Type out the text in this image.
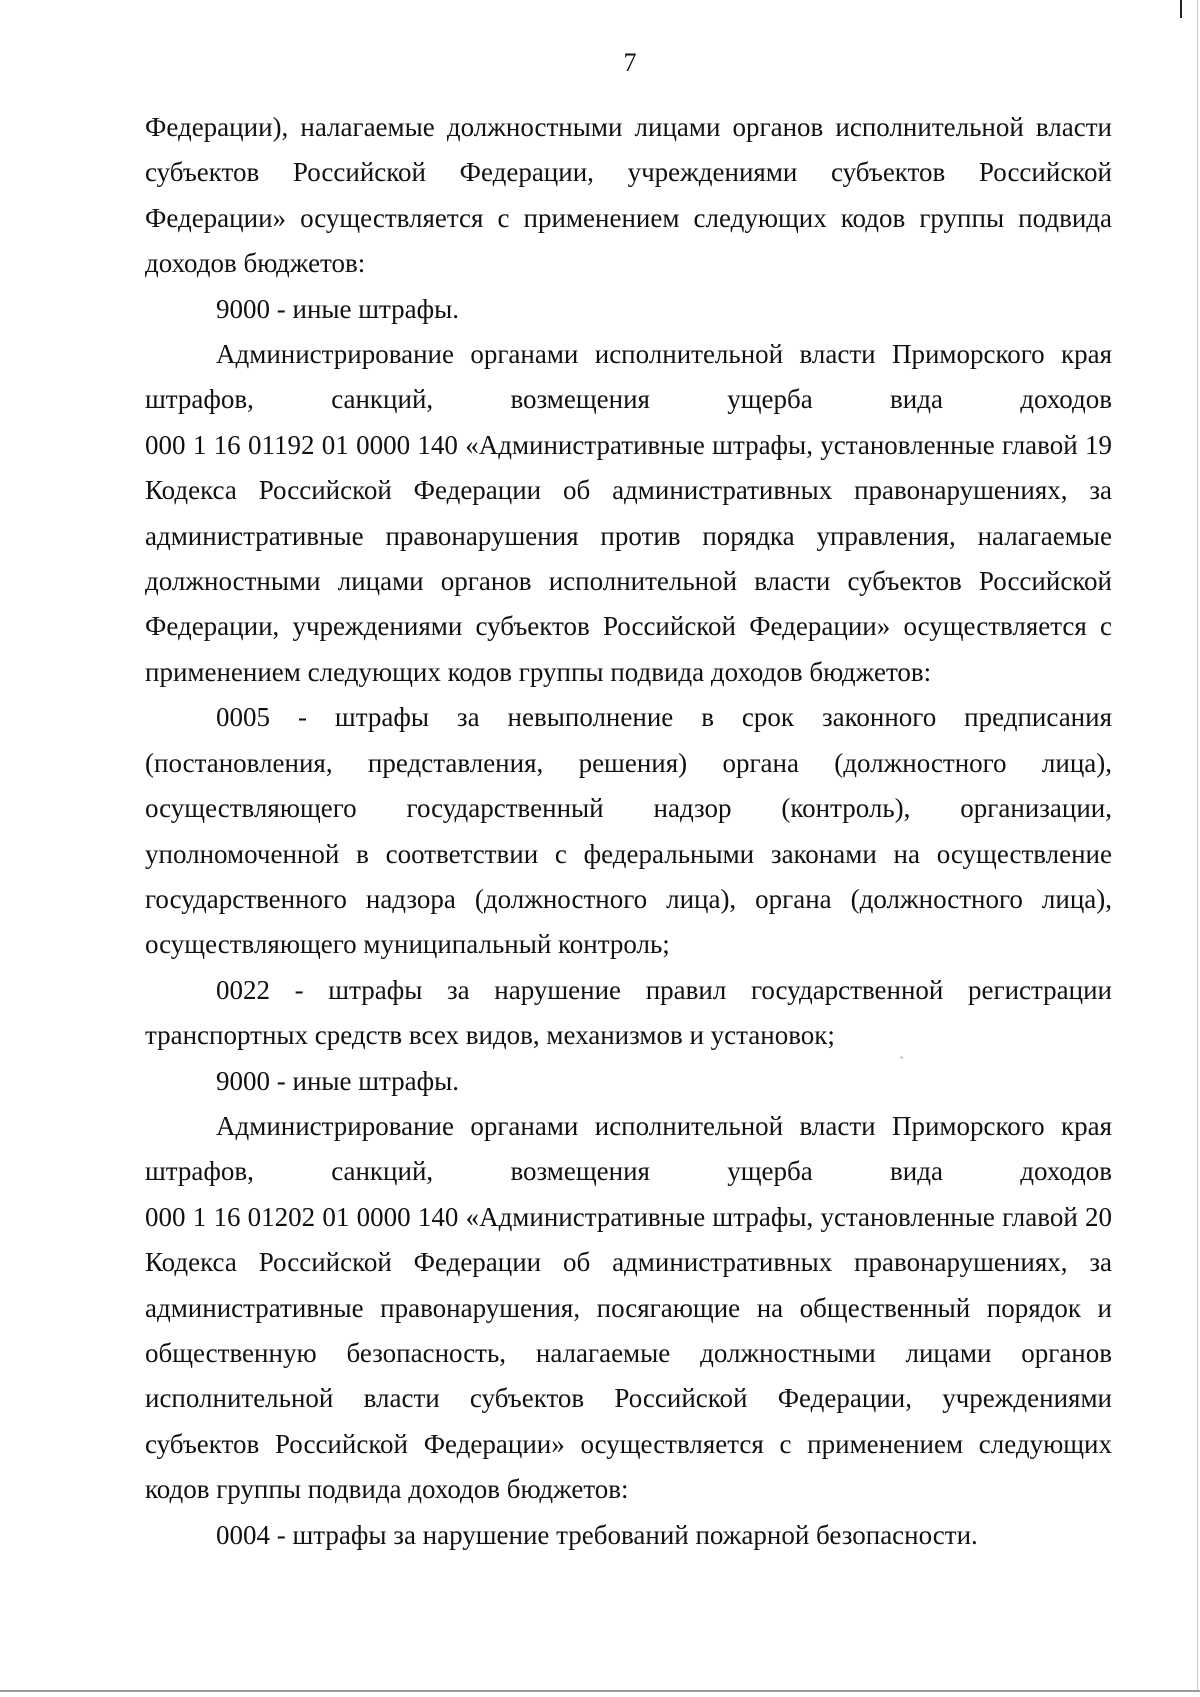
7

Федерации), налагаемые должностными лицами органов исполнительной власти субъектов Российской Федерации, учреждениями субъектов Российской Федерации» осуществляется с применением следующих кодов группы подвида доходов бюджетов:

9000 - иные штрафы.

Администрирование органами исполнительной власти Приморского края штрафов, санкций, возмещения ущерба вида доходов

000 1 16 01192 01 0000 140 «Административные штрафы, установленные главой 19 Кодекса Российской Федерации об административных правонарушениях, за административные правонарушения против порядка управления, налагаемые должностными лицами органов исполнительной власти субъектов Российской Федерации, учреждениями субъектов Российской Федерации» осуществляется с применением следующих кодов группы подвида доходов бюджетов:

0005 - штрафы за невыполнение в срок законного предписания (постановления, представления, решения) органа (должностного лица), осуществляющего государственный надзор (контроль), организации, уполномоченной в соответствии с федеральными законами на осуществление государственного надзора (должностного лица), органа (должностного лица), осуществляющего муниципальный контроль;

0022 - штрафы за нарушение правил государственной регистрации транспортных средств всех видов, механизмов и установок;

9000 - иные штрафы.

Администрирование органами исполнительной власти Приморского края штрафов, санкций, возмещения ущерба вида доходов

000 1 16 01202 01 0000 140 «Административные штрафы, установленные главой 20 Кодекса Российской Федерации об административных правонарушениях, за административные правонарушения, посягающие на общественный порядок и общественную безопасность, налагаемые должностными лицами органов исполнительной власти субъектов Российской Федерации, учреждениями субъектов Российской Федерации» осуществляется с применением следующих кодов группы подвида доходов бюджетов:

0004 - штрафы за нарушение требований пожарной безопасности.
